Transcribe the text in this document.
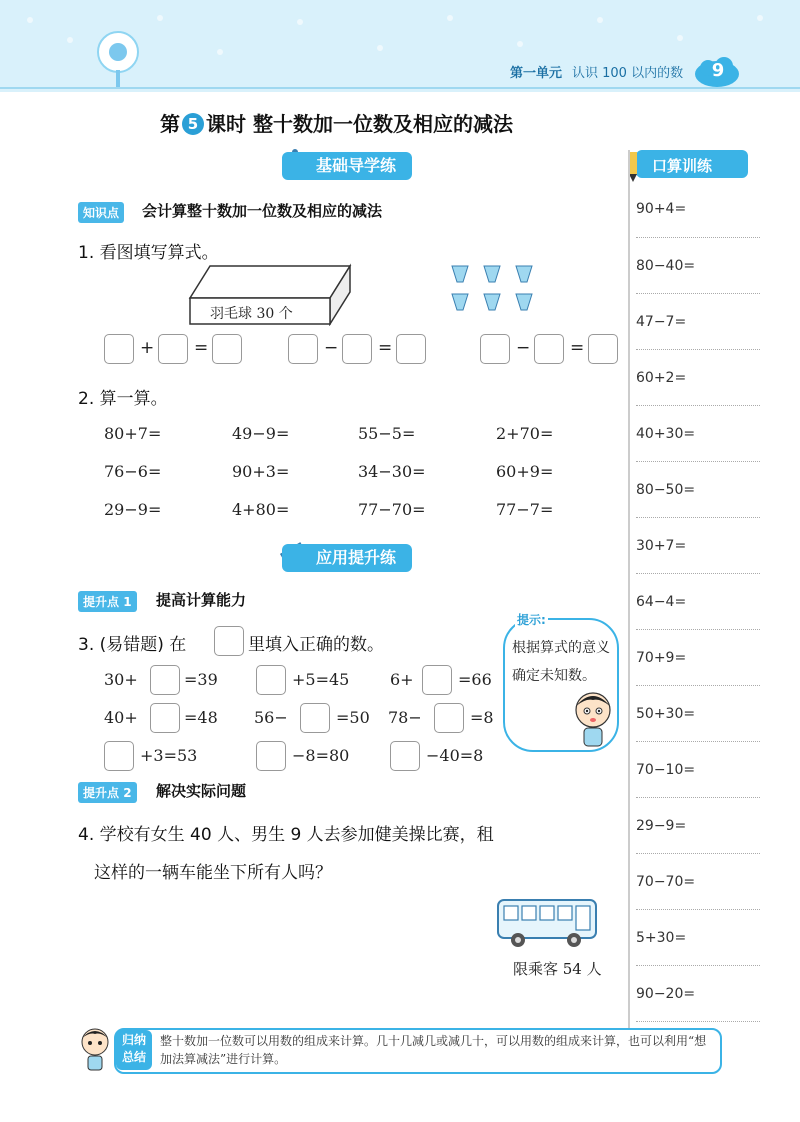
第一单元 认识 100 以内的数	9
第 5 课时 整十数加一位数及相应的减法
基础导学练	口算训练
知识点	会计算整十数加一位数及相应的减法
1. 看图填写算式。
羽毛球 30 个
+ =	− =	− =
2. 算一算。
80+7=	49−9=	55−5=	2+70=
76−6=	90+3=	34−30=	60+9=
29−9=	4+80=	77−70=	77−7=
应用提升练
提升点 1	提高计算能力
3. (易错题) 在	里填入正确的数。
30+	=39	+5=45	6+	=66
40+	=48 56−	=50 78−	=8
+3=53	−8=80	−40=8
提示:
根据算式的意义确定未知数。
提升点 2	解决实际问题
4. 学校有女生 40 人、男生 9 人去参加健美操比赛，租
这样的一辆车能坐下所有人吗？
限乘客 54 人
90+4=
80−40=
47−7=
60+2=
40+30=
80−50=
30+7=
64−4=
70+9=
50+30=
70−10=
29−9=
70−70=
5+30=
90−20=
归纳
总结
整十数加一位数可以用数的组成来计算。几十几减几或减几十，可以用数的组成来计算，也可以利用“想加法算减法”进行计算。
